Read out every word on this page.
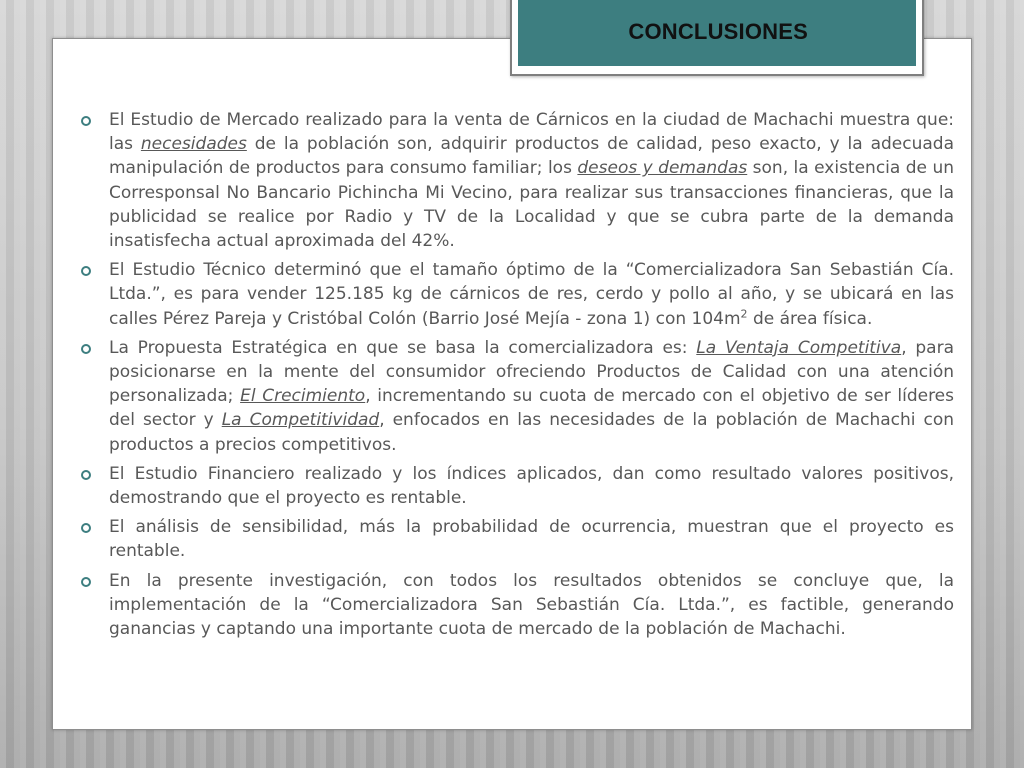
CONCLUSIONES
El Estudio de Mercado realizado para la venta de Cárnicos en la ciudad de Machachi muestra que: las necesidades de la población son, adquirir productos de calidad, peso exacto, y la adecuada manipulación de productos para consumo familiar; los deseos y demandas son, la existencia de un Corresponsal No Bancario Pichincha Mi Vecino, para realizar sus transacciones financieras, que la publicidad se realice por Radio y TV de la Localidad y que se cubra parte de la demanda insatisfecha actual aproximada del 42%.
El Estudio Técnico determinó que el tamaño óptimo de la “Comercializadora San Sebastián Cía. Ltda.”, es para vender 125.185 kg de cárnicos de res, cerdo y pollo al año, y se ubicará en las calles Pérez Pareja y Cristóbal Colón (Barrio José Mejía - zona 1) con $104m^2$ de área física.
La Propuesta Estratégica en que se basa la comercializadora es: La Ventaja Competitiva, para posicionarse en la mente del consumidor ofreciendo Productos de Calidad con una atención personalizada; El Crecimiento, incrementando su cuota de mercado con el objetivo de ser líderes del sector y La Competitividad, enfocados en las necesidades de la población de Machachi con productos a precios competitivos.
El Estudio Financiero realizado y los índices aplicados, dan como resultado valores positivos, demostrando que el proyecto es rentable.
El análisis de sensibilidad, más la probabilidad de ocurrencia, muestran que el proyecto es rentable.
En la presente investigación, con todos los resultados obtenidos se concluye que, la implementación de la “Comercializadora San Sebastián Cía. Ltda.”, es factible, generando ganancias y captando una importante cuota de mercado de la población de Machachi.
